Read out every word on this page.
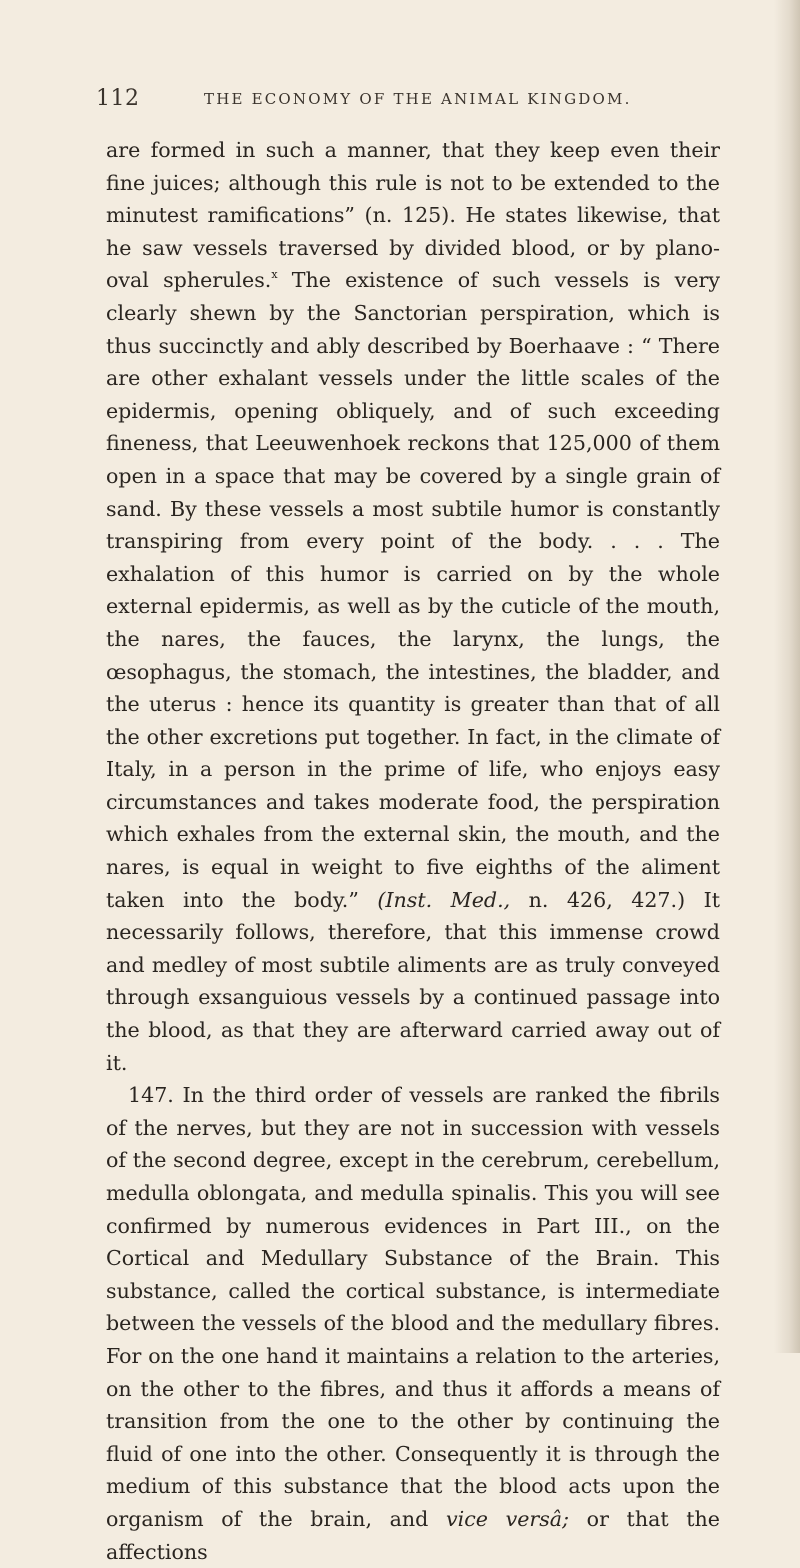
112	THE ECONOMY OF THE ANIMAL KINGDOM.

are formed in such a manner, that they keep even their fine juices; although this rule is not to be extended to the minutest ramifications” (n. 125). He states likewise, that he saw vessels traversed by divided blood, or by plano-oval spherules.$^x$ The existence of such vessels is very clearly shewn by the Sanctorian perspiration, which is thus succinctly and ably described by Boerhaave : “ There are other exhalant vessels under the little scales of the epidermis, opening obliquely, and of such exceeding fineness, that Leeuwenhoek reckons that 125,000 of them open in a space that may be covered by a single grain of sand. By these vessels a most subtile humor is constantly transpiring from every point of the body. . . . The exhalation of this humor is carried on by the whole external epidermis, as well as by the cuticle of the mouth, the nares, the fauces, the larynx, the lungs, the œsophagus, the stomach, the intestines, the bladder, and the uterus : hence its quantity is greater than that of all the other excretions put together. In fact, in the climate of Italy, in a person in the prime of life, who enjoys easy circumstances and takes moderate food, the perspiration which exhales from the external skin, the mouth, and the nares, is equal in weight to five eighths of the aliment taken into the body.” (Inst. Med., n. 426, 427.) It necessarily follows, therefore, that this immense crowd and medley of most subtile aliments are as truly conveyed through exsanguious vessels by a continued passage into the blood, as that they are afterward carried away out of it.

147. In the third order of vessels are ranked the fibrils of the nerves, but they are not in succession with vessels of the second degree, except in the cerebrum, cerebellum, medulla oblongata, and medulla spinalis. This you will see confirmed by numerous evidences in Part III., on the Cortical and Medullary Substance of the Brain. This substance, called the cortical substance, is intermediate between the vessels of the blood and the medullary fibres. For on the one hand it maintains a relation to the arteries, on the other to the fibres, and thus it affords a means of transition from the one to the other by continuing the fluid of one into the other. Consequently it is through the medium of this substance that the blood acts upon the organism of the brain, and vice versâ; or that the affections
